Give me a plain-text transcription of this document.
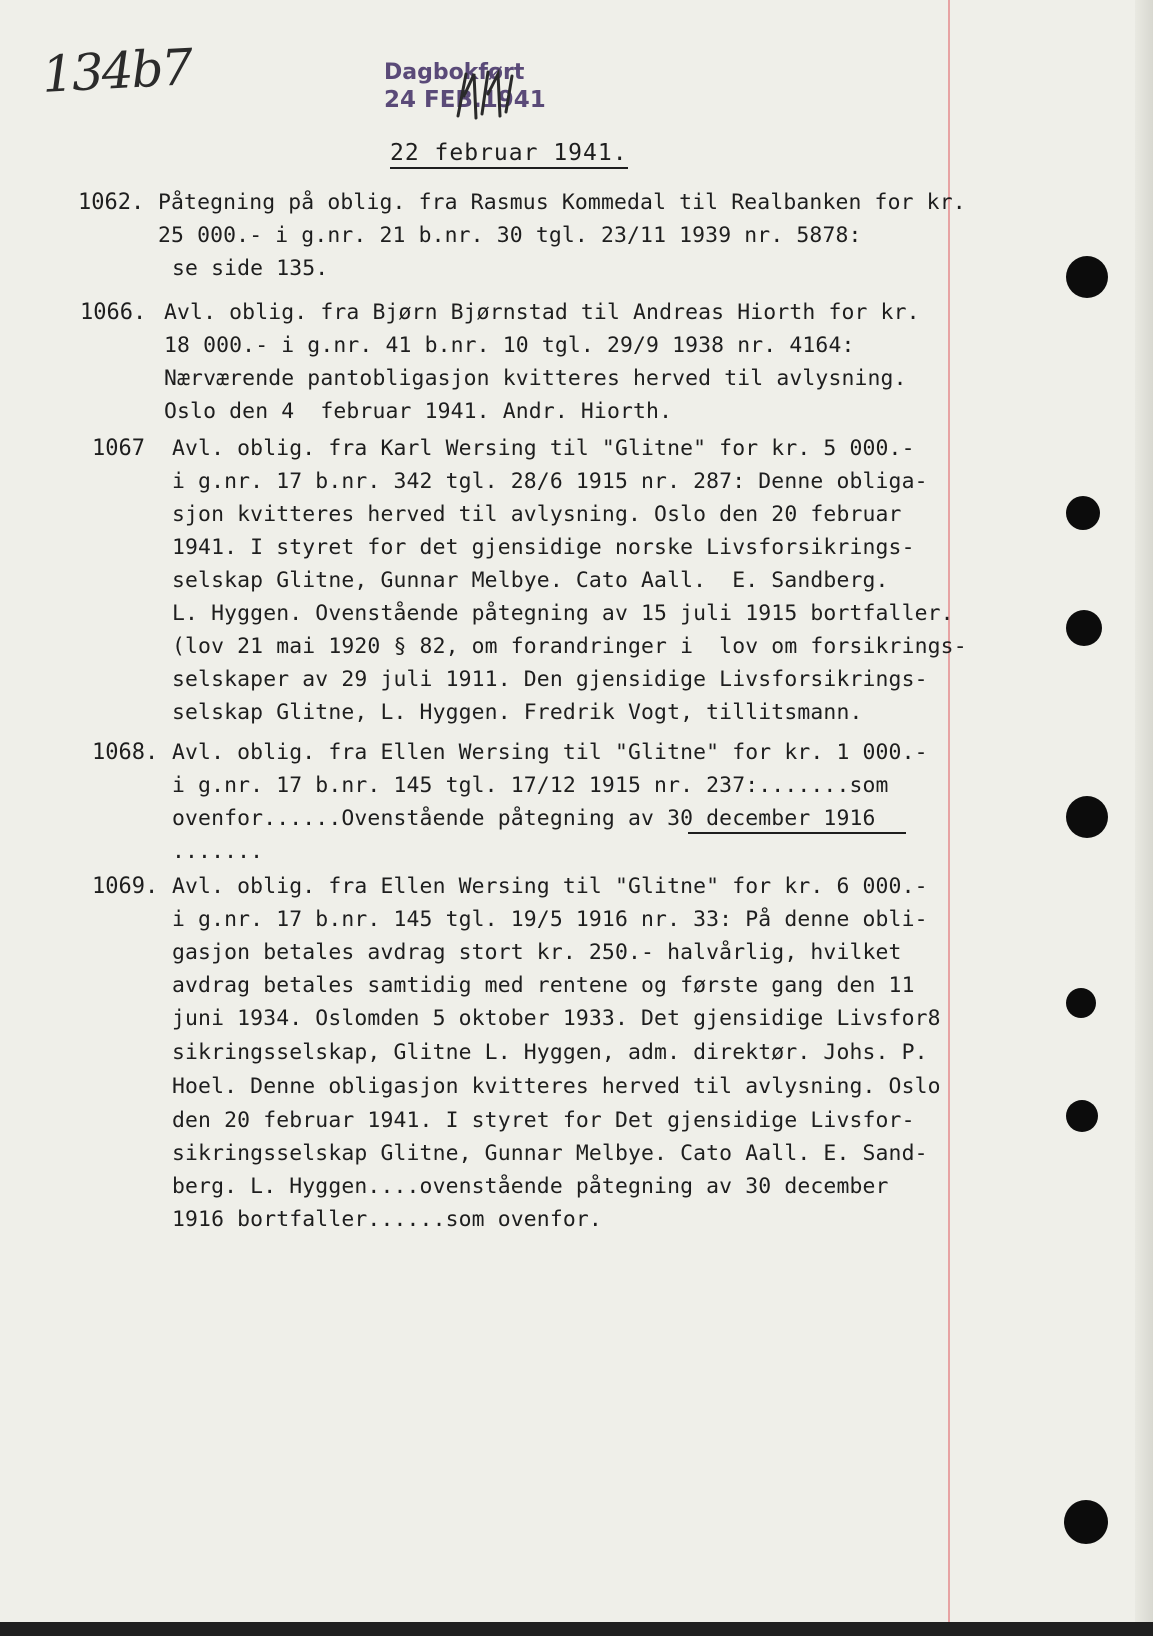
134b7	Dagbokført
24 FEB.1941
22 februar 1941.
1062. Påtegning på oblig. fra Rasmus Kommedal til Realbanken for kr.
25 000.- i g.nr. 21 b.nr. 30 tgl. 23/11 1939 nr. 5878:
se side 135.
1066. Avl. oblig. fra Bjørn Bjørnstad til Andreas Hiorth for kr.
18 000.- i g.nr. 41 b.nr. 10 tgl. 29/9 1938 nr. 4164:
Nærværende pantobligasjon kvitteres herved til avlysning.
Oslo den 4  februar 1941. Andr. Hiorth.
1067 Avl. oblig. fra Karl Wersing til "Glitne" for kr. 5 000.-
i g.nr. 17 b.nr. 342 tgl. 28/6 1915 nr. 287: Denne obliga-
sjon kvitteres herved til avlysning. Oslo den 20 februar
1941. I styret for det gjensidige norske Livsforsikrings-
selskap Glitne, Gunnar Melbye. Cato Aall.  E. Sandberg.
L. Hyggen. Ovenstående påtegning av 15 juli 1915 bortfaller.
(lov 21 mai 1920 § 82, om forandringer i  lov om forsikrings-
selskaper av 29 juli 1911. Den gjensidige Livsforsikrings-
selskap Glitne, L. Hyggen. Fredrik Vogt, tillitsmann.
1068. Avl. oblig. fra Ellen Wersing til "Glitne" for kr. 1 000.-
i g.nr. 17 b.nr. 145 tgl. 17/12 1915 nr. 237:.......som
ovenfor......Ovenstående påtegning av 30 december 1916
.......
1069. Avl. oblig. fra Ellen Wersing til "Glitne" for kr. 6 000.-
i g.nr. 17 b.nr. 145 tgl. 19/5 1916 nr. 33: På denne obli-
gasjon betales avdrag stort kr. 250.- halvårlig, hvilket
avdrag betales samtidig med rentene og første gang den 11
juni 1934. Oslomden 5 oktober 1933. Det gjensidige Livsfor8
sikringsselskap, Glitne L. Hyggen, adm. direktør. Johs. P.
Hoel. Denne obligasjon kvitteres herved til avlysning. Oslo
den 20 februar 1941. I styret for Det gjensidige Livsfor-
sikringsselskap Glitne, Gunnar Melbye. Cato Aall. E. Sand-
berg. L. Hyggen....ovenstående påtegning av 30 december
1916 bortfaller......som ovenfor.
